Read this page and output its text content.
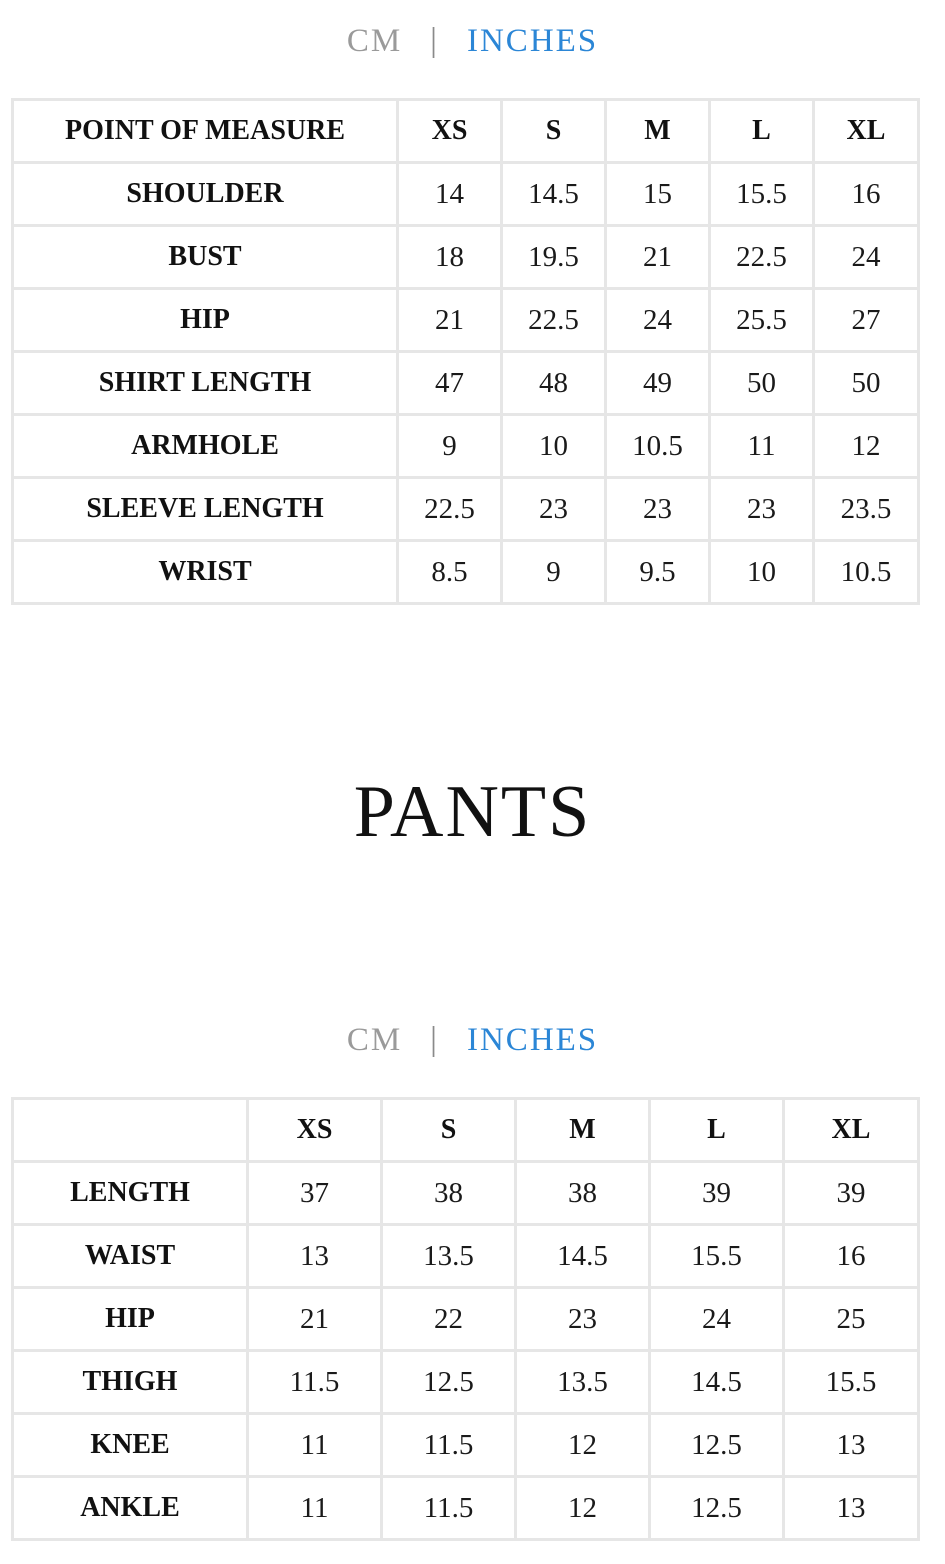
CM | INCHES
POINT OF MEASURE	XS	S	M	L	XL
SHOULDER	14	14.5	15	15.5	16
BUST	18	19.5	21	22.5	24
HIP	21	22.5	24	25.5	27
SHIRT LENGTH	47	48	49	50	50
ARMHOLE	9	10	10.5	11	12
SLEEVE LENGTH	22.5	23	23	23	23.5
WRIST	8.5	9	9.5	10	10.5
PANTS
CM | INCHES
	XS	S	M	L	XL
LENGTH	37	38	38	39	39
WAIST	13	13.5	14.5	15.5	16
HIP	21	22	23	24	25
THIGH	11.5	12.5	13.5	14.5	15.5
KNEE	11	11.5	12	12.5	13
ANKLE	11	11.5	12	12.5	13
